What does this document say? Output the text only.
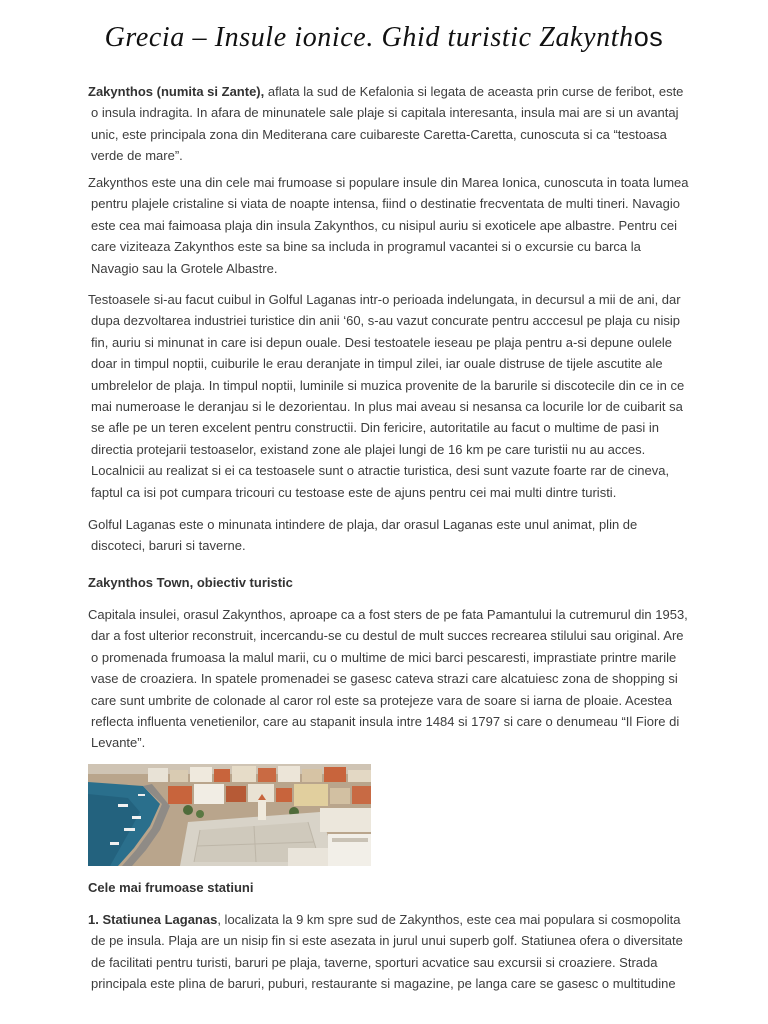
Grecia – Insule ionice. Ghid turistic Zakynthos
Zakynthos (numita si Zante), aflata la sud de Kefalonia si legata de aceasta prin curse de feribot, este
o insula indragita. In afara de minunatele sale plaje si capitala interesanta, insula mai are si un avantaj
unic, este principala zona din Mediterana care cuibareste Caretta-Caretta, cunoscuta si ca “testoasa
verde de mare”.
Zakynthos este una din cele mai frumoase si populare insule din Marea Ionica, cunoscuta in toata lumea
pentru plajele cristaline si viata de noapte intensa, fiind o destinatie frecventata de multi tineri. Navagio
este cea mai faimoasa plaja din insula Zakynthos, cu nisipul auriu si exoticele ape albastre. Pentru cei
care viziteaza Zakynthos este sa bine sa includa in programul vacantei si o excursie cu barca la
Navagio sau la Grotele Albastre.
Testoasele si-au facut cuibul in Golful Laganas intr-o perioada indelungata, in decursul a mii de ani, dar
dupa dezvoltarea industriei turistice din anii ‘60, s-au vazut concurate pentru acccesul pe plaja cu nisip
fin, auriu si minunat in care isi depun ouale. Desi testoatele ieseau pe plaja pentru a-si depune oulele
doar in timpul noptii, cuiburile le erau deranjate in timpul zilei, iar ouale distruse de tijele ascutite ale
umbrelelor de plaja. In timpul noptii, luminile si muzica provenite de la barurile si discotecile din ce in ce
mai numeroase le deranjau si le dezorientau. In plus mai aveau si nesansa ca locurile lor de cuibarit sa
se afle pe un teren excelent pentru constructii. Din fericire, autoritatile au facut o multime de pasi in
directia protejarii testoaselor, existand zone ale plajei lungi de 16 km pe care turistii nu au acces.
Localnicii au realizat si ei ca testoasele sunt o atractie turistica, desi sunt vazute foarte rar de cineva,
faptul ca isi pot cumpara tricouri cu testoase este de ajuns pentru cei mai multi dintre turisti.
Golful Laganas este o minunata intindere de plaja, dar orasul Laganas este unul animat, plin de
discoteci, baruri si taverne.
Zakynthos Town, obiectiv turistic
Capitala insulei, orasul Zakynthos, aproape ca a fost sters de pe fata Pamantului la cutremurul din 1953,
dar a fost ulterior reconstruit, incercandu-se cu destul de mult succes recrearea stilului sau original. Are
o promenada frumoasa la malul marii, cu o multime de mici barci pescaresti, imprastiate printre marile
vase de croaziera. In spatele promenadei se gasesc cateva strazi care alcatuiesc zona de shopping si
care sunt umbrite de colonade al caror rol este sa protejeze vara de soare si iarna de ploaie. Acestea
reflecta influenta venetienilor, care au stapanit insula intre 1484 si 1797 si care o denumeau “Il Fiore di
Levante”.
Cele mai frumoase statiuni
1. Statiunea Laganas, localizata la 9 km spre sud de Zakynthos, este cea mai populara si cosmopolita
de pe insula. Plaja are un nisip fin si este asezata in jurul unui superb golf. Statiunea ofera o diversitate
de facilitati pentru turisti, baruri pe plaja, taverne, sporturi acvatice sau excursii si croaziere. Strada
principala este plina de baruri, puburi, restaurante si magazine, pe langa care se gasesc o multitudine
